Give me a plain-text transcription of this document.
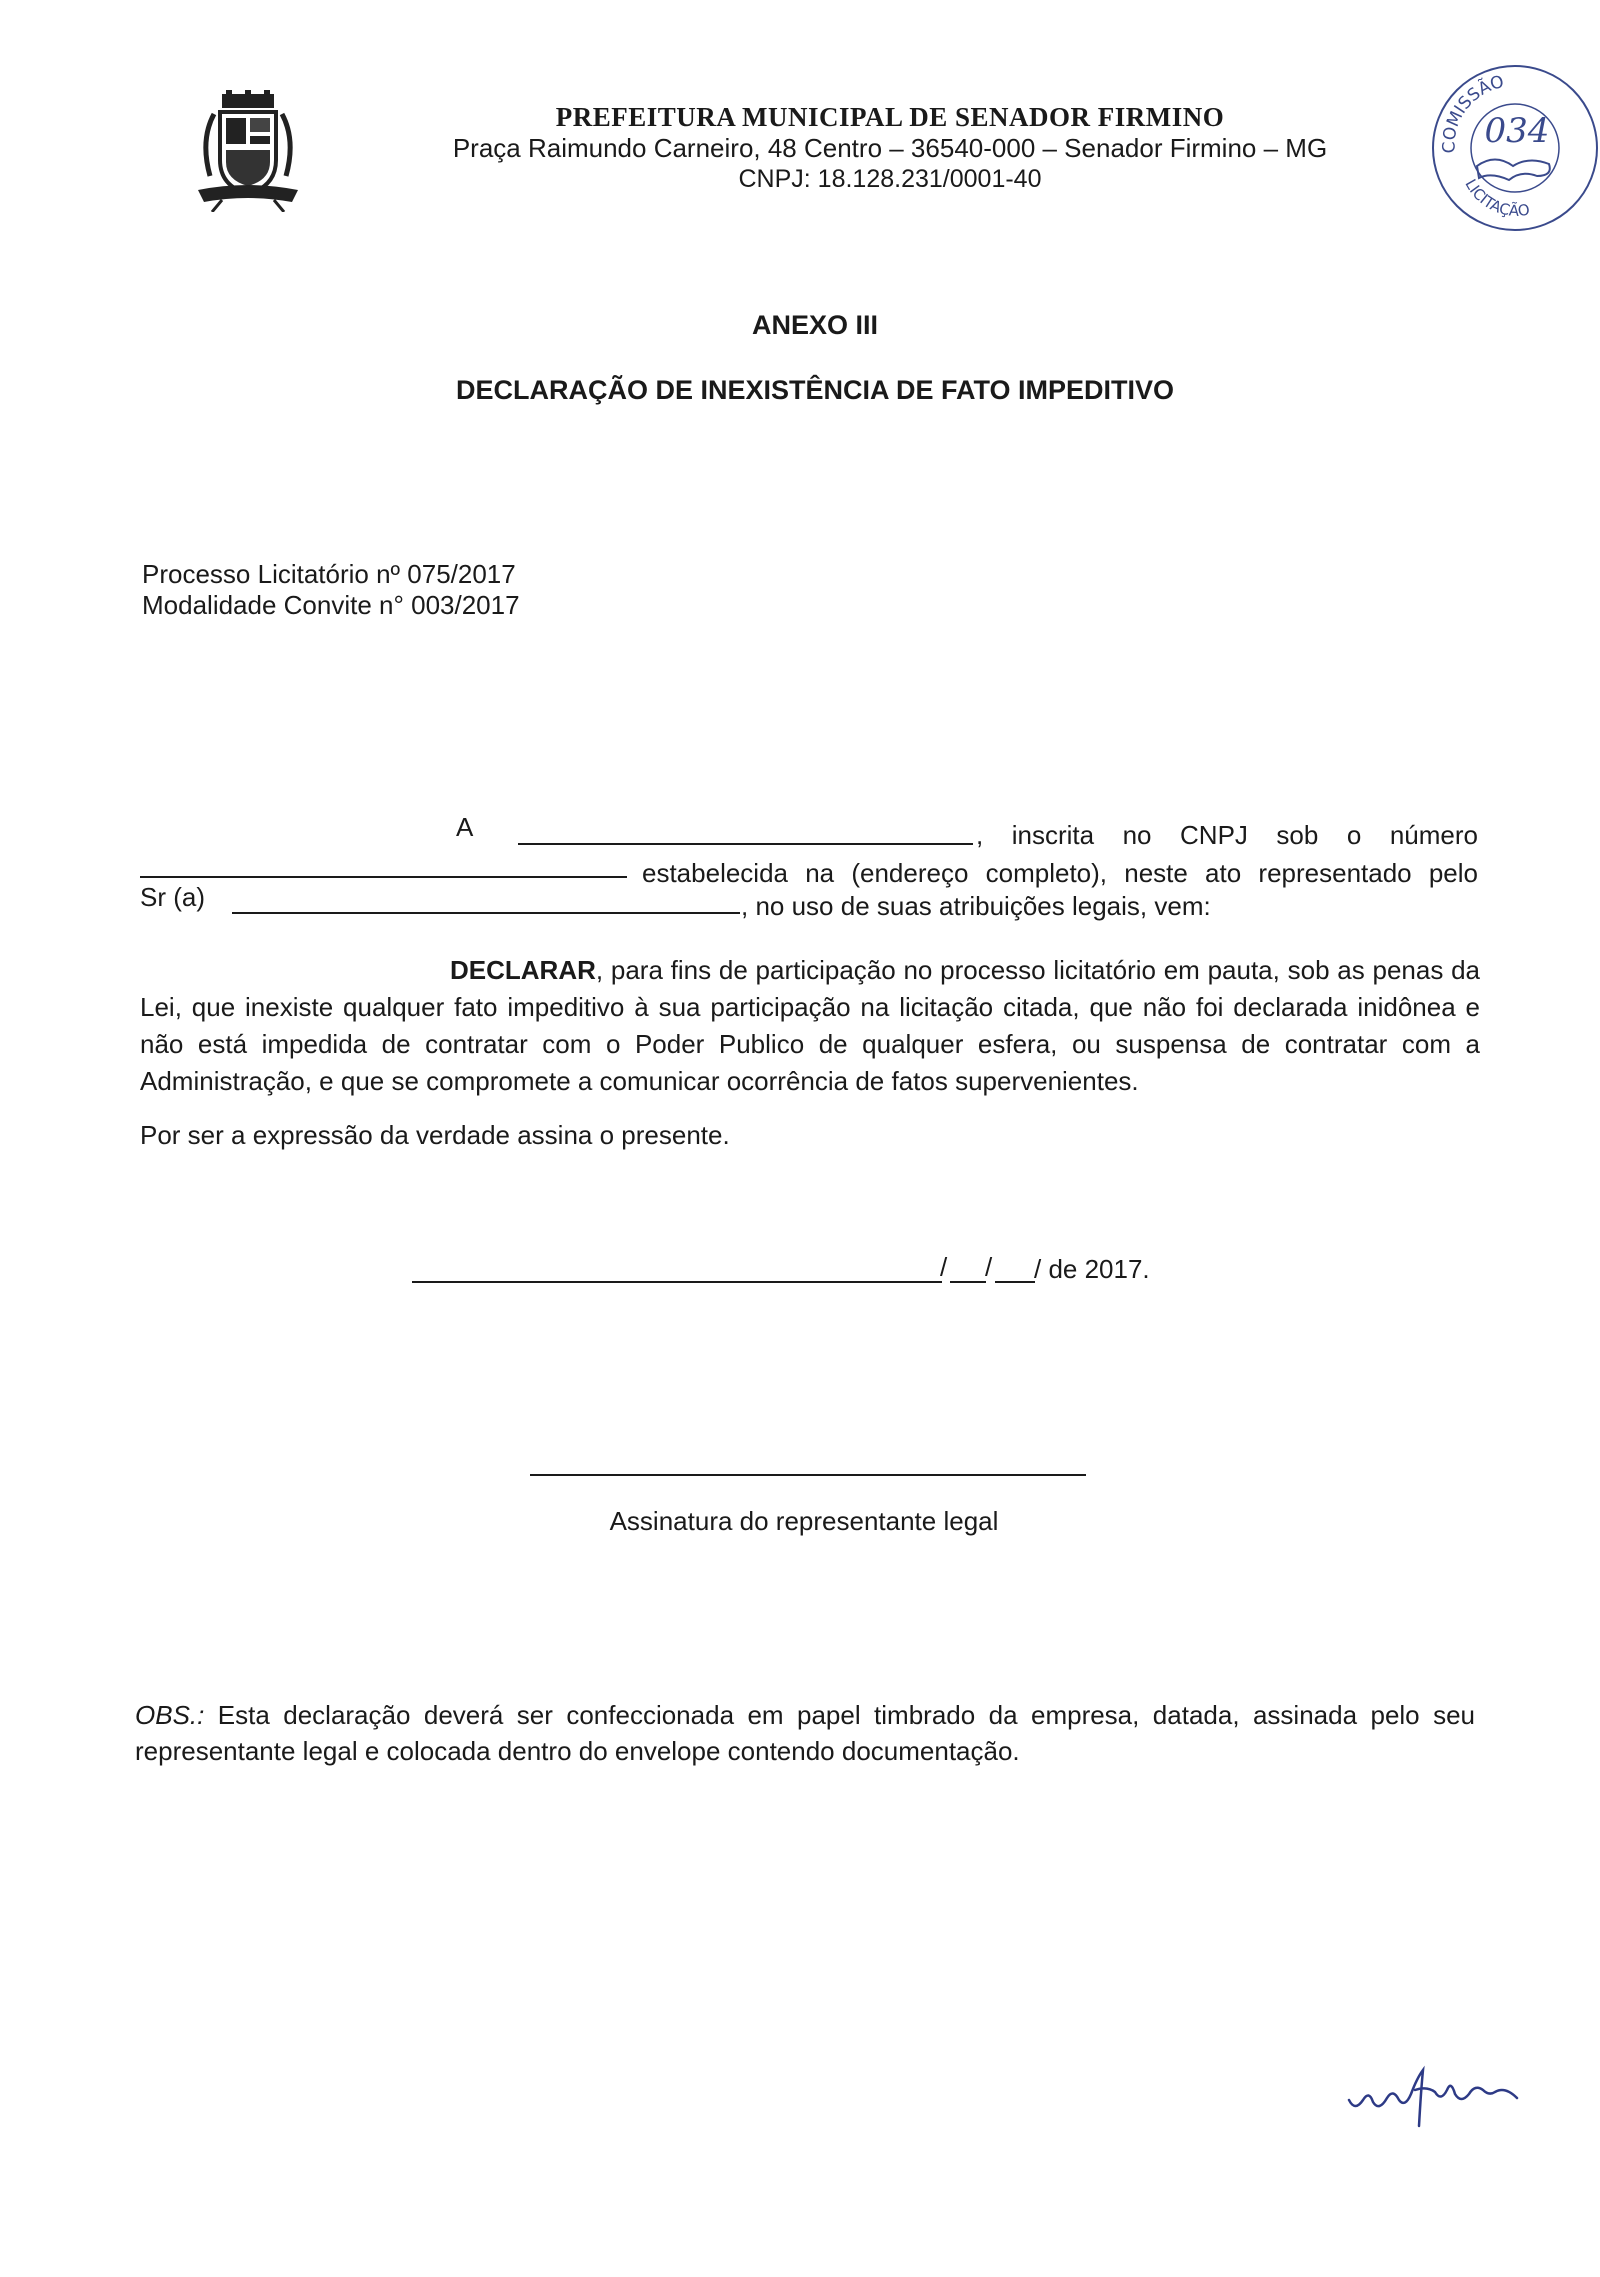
PREFEITURA MUNICIPAL DE SENADOR FIRMINO
Praça Raimundo Carneiro, 48 Centro – 36540-000 – Senador Firmino – MG
CNPJ: 18.128.231/0001-40
COMISSÃO
034
LICITAÇÃO
ANEXO III
DECLARAÇÃO DE INEXISTÊNCIA DE FATO IMPEDITIVO
Processo Licitatório nº 075/2017
Modalidade Convite n° 003/2017
A	, inscrita no CNPJ sob o número
estabelecida na (endereço completo), neste ato representado pelo
Sr (a)	, no uso de suas atribuições legais, vem:
DECLARAR, para fins de participação no processo licitatório em pauta, sob as penas da Lei, que inexiste qualquer fato impeditivo à sua participação na licitação citada, que não foi declarada inidônea e não está impedida de contratar com o Poder Publico de qualquer esfera, ou suspensa de contratar com a Administração, e que se compromete a comunicar ocorrência de fatos supervenientes.
Por ser a expressão da verdade assina o presente.
/ / / de 2017.
Assinatura do representante legal
OBS.: Esta declaração deverá ser confeccionada em papel timbrado da empresa, datada, assinada pelo seu representante legal e colocada dentro do envelope contendo documentação.
